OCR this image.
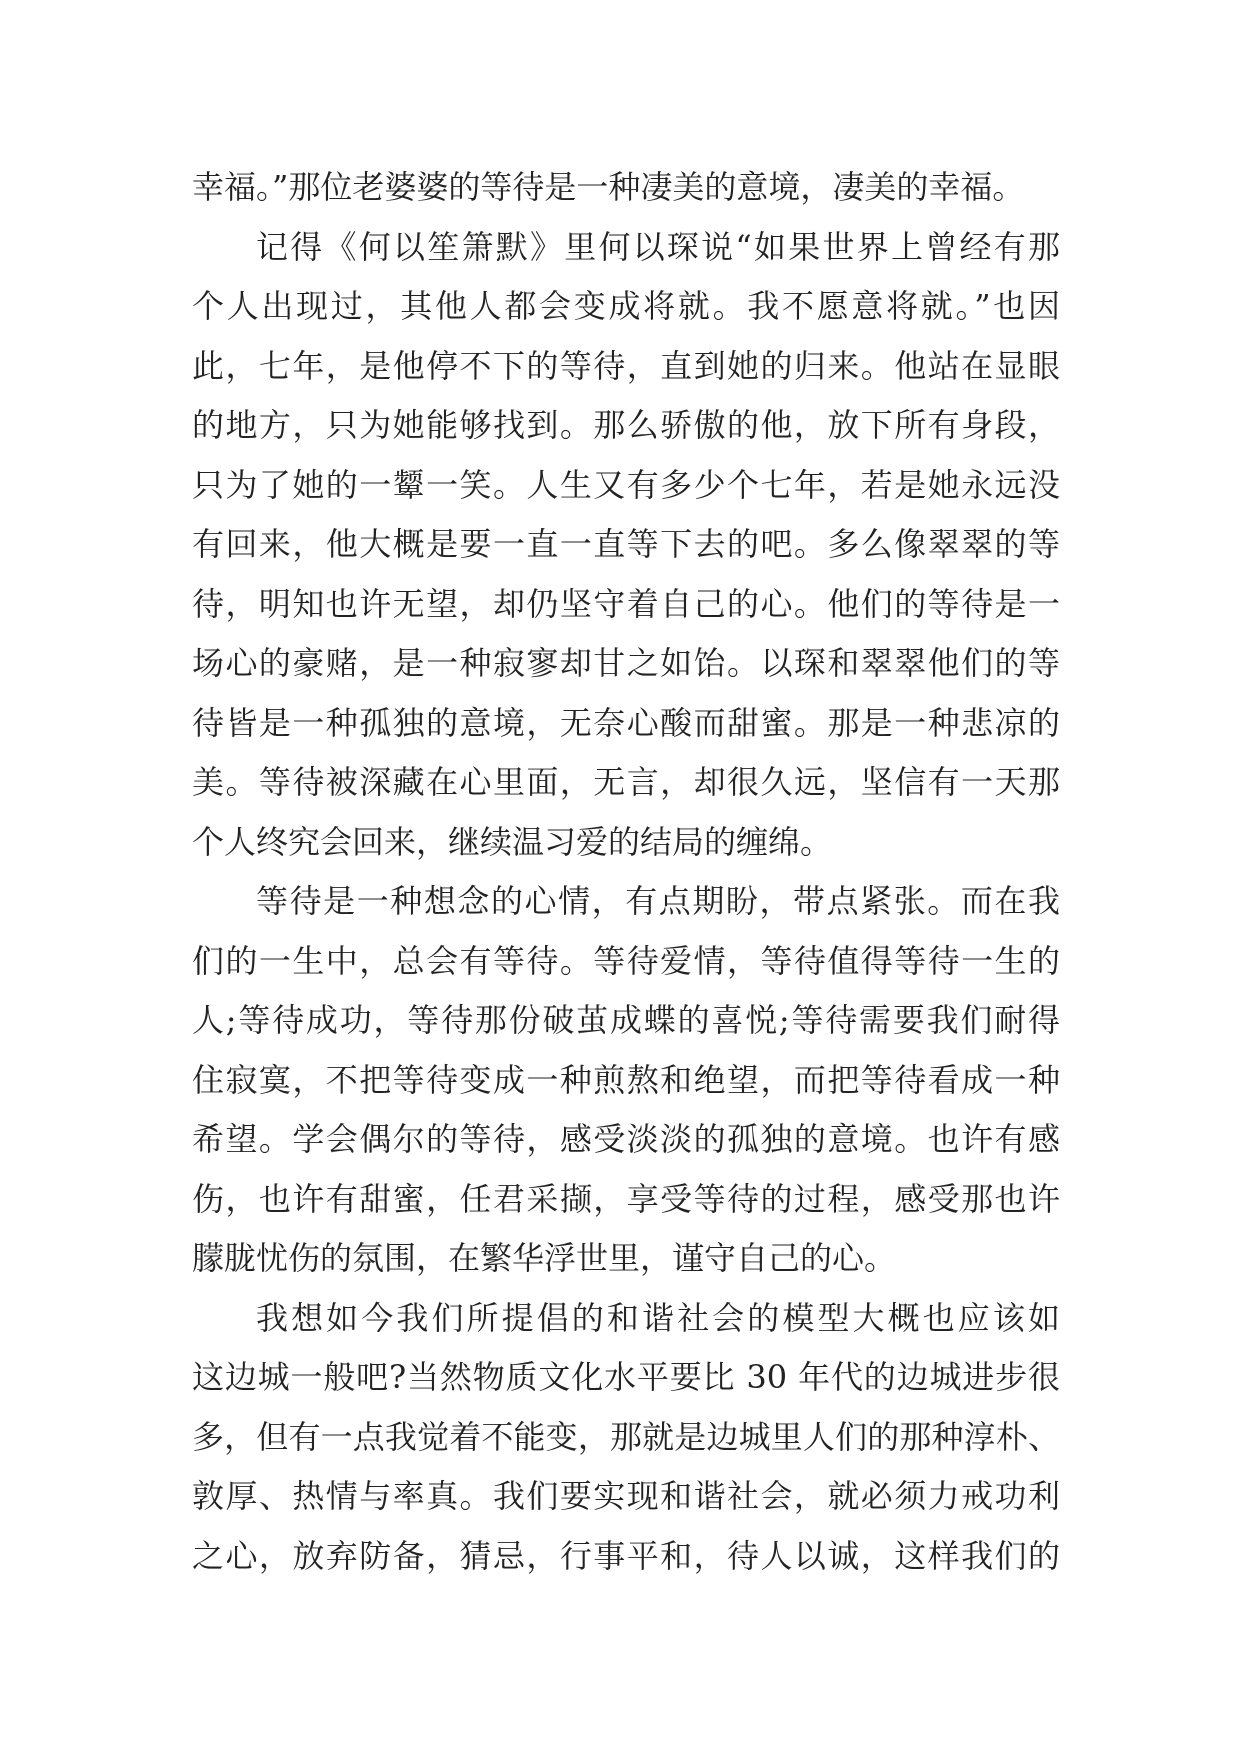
幸福。”那位老婆婆的等待是一种凄美的意境，凄美的幸福。
记得《何以笙箫默》里何以琛说“如果世界上曾经有那
个人出现过，其他人都会变成将就。我不愿意将就。”也因
此，七年，是他停不下的等待，直到她的归来。他站在显眼
的地方，只为她能够找到。那么骄傲的他，放下所有身段，
只为了她的一颦一笑。人生又有多少个七年，若是她永远没
有回来，他大概是要一直一直等下去的吧。多么像翠翠的等
待，明知也许无望，却仍坚守着自己的心。他们的等待是一
场心的豪赌，是一种寂寥却甘之如饴。以琛和翠翠他们的等
待皆是一种孤独的意境，无奈心酸而甜蜜。那是一种悲凉的
美。等待被深藏在心里面，无言，却很久远，坚信有一天那
个人终究会回来，继续温习爱的结局的缠绵。
等待是一种想念的心情，有点期盼，带点紧张。而在我
们的一生中，总会有等待。等待爱情，等待值得等待一生的
人;等待成功，等待那份破茧成蝶的喜悦;等待需要我们耐得
住寂寞，不把等待变成一种煎熬和绝望，而把等待看成一种
希望。学会偶尔的等待，感受淡淡的孤独的意境。也许有感
伤，也许有甜蜜，任君采撷，享受等待的过程，感受那也许
朦胧忧伤的氛围，在繁华浮世里，谨守自己的心。
我想如今我们所提倡的和谐社会的模型大概也应该如
这边城一般吧?当然物质文化水平要比 30 年代的边城进步很
多，但有一点我觉着不能变，那就是边城里人们的那种淳朴、
敦厚、热情与率真。我们要实现和谐社会，就必须力戒功利
之心，放弃防备，猜忌，行事平和，待人以诚，这样我们的
